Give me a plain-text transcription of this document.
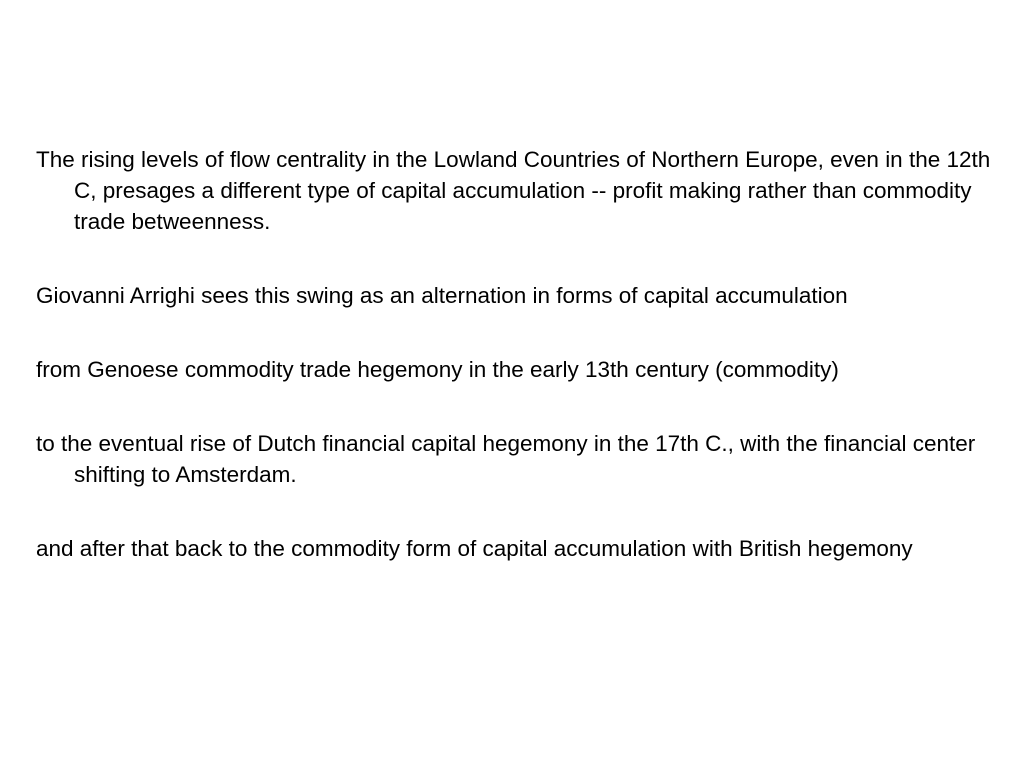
The rising levels of flow centrality in the Lowland Countries of Northern Europe, even in the 12th C, presages a different type of capital accumulation -- profit making rather than commodity trade betweenness.
Giovanni Arrighi sees this swing as an alternation in forms of capital accumulation
from Genoese commodity trade hegemony in the early 13th century (commodity)
to the eventual rise of Dutch financial capital hegemony in the 17th C., with the financial center shifting to Amsterdam.
and after that back to the commodity form of capital accumulation with British hegemony
